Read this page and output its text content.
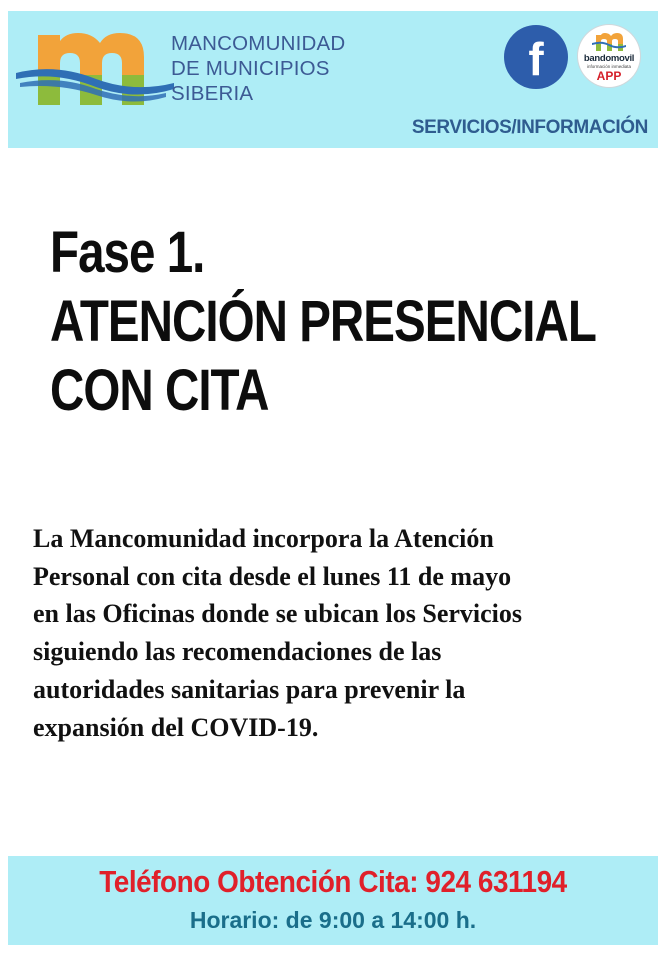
MANCOMUNIDAD
DE MUNICIPIOS
SIBERIA
f	bandomovil
información inmediata
APP
SERVICIOS/INFORMACIÓN
Fase 1.
ATENCIÓN PRESENCIAL
CON CITA
La Mancomunidad incorpora la Atención
Personal con cita desde el lunes 11 de mayo
en las Oficinas donde se ubican los Servicios
siguiendo las recomendaciones de las
autoridades sanitarias para prevenir la
expansión del COVID-19.
Teléfono Obtención Cita: 924 631194
Horario: de 9:00 a 14:00 h.
